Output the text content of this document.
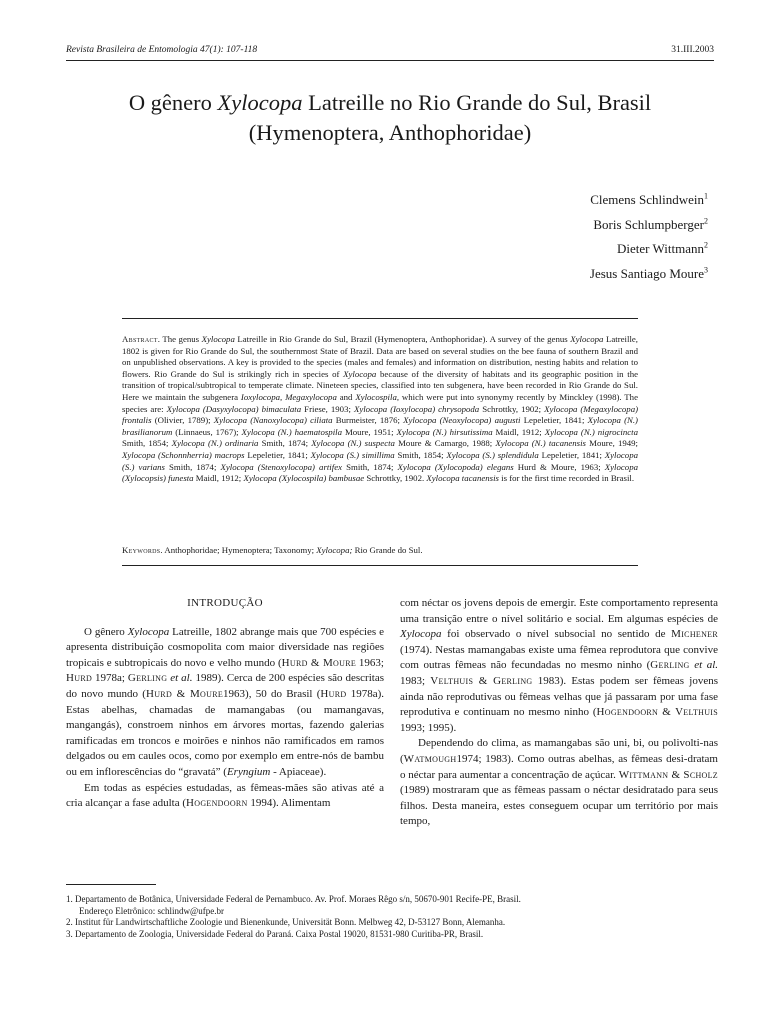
Revista Brasileira de Entomologia 47(1): 107-118	31.III.2003
O gênero Xylocopa Latreille no Rio Grande do Sul, Brasil
(Hymenoptera, Anthophoridae)
Clemens Schlindwein$^1$
Boris Schlumpberger$^2$
Dieter Wittmann$^2$
Jesus Santiago Moure$^3$
Abstract. The genus Xylocopa Latreille in Rio Grande do Sul, Brazil (Hymenoptera, Anthophoridae). A survey of the genus Xylocopa Latreille, 1802 is given for Rio Grande do Sul, the southernmost State of Brazil. Data are based on several studies on the bee fauna of southern Brazil and on unpublished observations. A key is provided to the species (males and females) and information on distribution, nesting habits and relation to flowers. Rio Grande do Sul is strikingly rich in species of Xylocopa because of the diversity of habitats and its geographic position in the transition of tropical/subtropical to temperate climate. Nineteen species, classified into ten subgenera, have been recorded in Rio Grande do Sul. Here we maintain the subgenera Ioxylocopa, Megaxylocopa and Xylocospila, which were put into synonymy recently by Minckley (1998). The species are: Xylocopa (Dasyxylocopa) bimaculata Friese, 1903; Xylocopa (Ioxylocopa) chrysopoda Schrottky, 1902; Xylocopa (Megaxylocopa) frontalis (Olivier, 1789); Xylocopa (Nanoxylocopa) ciliata Burmeister, 1876; Xylocopa (Neoxylocopa) augusti Lepeletier, 1841; Xylocopa (N.) brasilianorum (Linnaeus, 1767); Xylocopa (N.) haematospila Moure, 1951; Xylocopa (N.) hirsutissima Maidl, 1912; Xylocopa (N.) nigrocincta Smith, 1854; Xylocopa (N.) ordinaria Smith, 1874; Xylocopa (N.) suspecta Moure & Camargo, 1988; Xylocopa (N.) tacanensis Moure, 1949; Xylocopa (Schonnherria) macrops Lepeletier, 1841; Xylocopa (S.) simillima Smith, 1854; Xylocopa (S.) splendidula Lepeletier, 1841; Xylocopa (S.) varians Smith, 1874; Xylocopa (Stenoxylocopa) artifex Smith, 1874; Xylocopa (Xylocopoda) elegans Hurd & Moure, 1963; Xylocopa (Xylocopsis) funesta Maidl, 1912; Xylocopa (Xylocospila) bambusae Schrottky, 1902. Xylocopa tacanensis is for the first time recorded in Brasil.
Keywords. Anthophoridae; Hymenoptera; Taxonomy; Xylocopa; Rio Grande do Sul.
INTRODUÇÃO

O gênero Xylocopa Latreille, 1802 abrange mais que 700 espécies e apresenta distribuição cosmopolita com maior diversidade nas regiões tropicais e subtropicais do novo e velho mundo (Hurd & Moure 1963; Hurd 1978a; Gerling et al. 1989). Cerca de 200 espécies são descritas do novo mundo (Hurd & Moure1963), 50 do Brasil (Hurd 1978a). Estas abelhas, chamadas de mamangabas (ou mamangavas, mangangás), constroem ninhos em árvores mortas, fazendo galerias ramificadas em troncos e moirões e ninhos não ramificados em ramos delgados ou em caules ocos, como por exemplo em entre-nós de bambu ou em inflorescências do “gravatá” (Eryngium - Apiaceae).

Em todas as espécies estudadas, as fêmeas-mães são ativas até a cria alcançar a fase adulta (Hogendoorn 1994). Alimentam

com néctar os jovens depois de emergir. Este comportamento representa uma transição entre o nível solitário e social. Em algumas espécies de Xylocopa foi observado o nível subsocial no sentido de Michener (1974). Nestas mamangabas existe uma fêmea reprodutora que convive com outras fêmeas não fecundadas no mesmo ninho (Gerling et al. 1983; Velthuis & Gerling 1983). Estas podem ser fêmeas jovens ainda não reprodutivas ou fêmeas velhas que já passaram por uma fase reprodutiva e continuam no mesmo ninho (Hogendoorn & Velthuis 1993; 1995).

Dependendo do clima, as mamangabas são uni, bi, ou polivolti-nas (Watmough1974; 1983). Como outras abelhas, as fêmeas desi-dratam o néctar para aumentar a concentração de açúcar. Wittmann & Scholz (1989) mostraram que as fêmeas passam o néctar desidratado para seus filhos. Desta maneira, estes conseguem ocupar um território por mais tempo,

1. Departamento de Botânica, Universidade Federal de Pernambuco. Av. Prof. Moraes Rêgo s/n, 50670-901 Recife-PE, Brasil.
Endereço Eletrônico: schlindw@ufpe.br
2. Institut für Landwirtschaftliche Zoologie und Bienenkunde, Universität Bonn. Melbweg 42, D-53127 Bonn, Alemanha.
3. Departamento de Zoologia, Universidade Federal do Paraná. Caixa Postal 19020, 81531-980 Curitiba-PR, Brasil.
